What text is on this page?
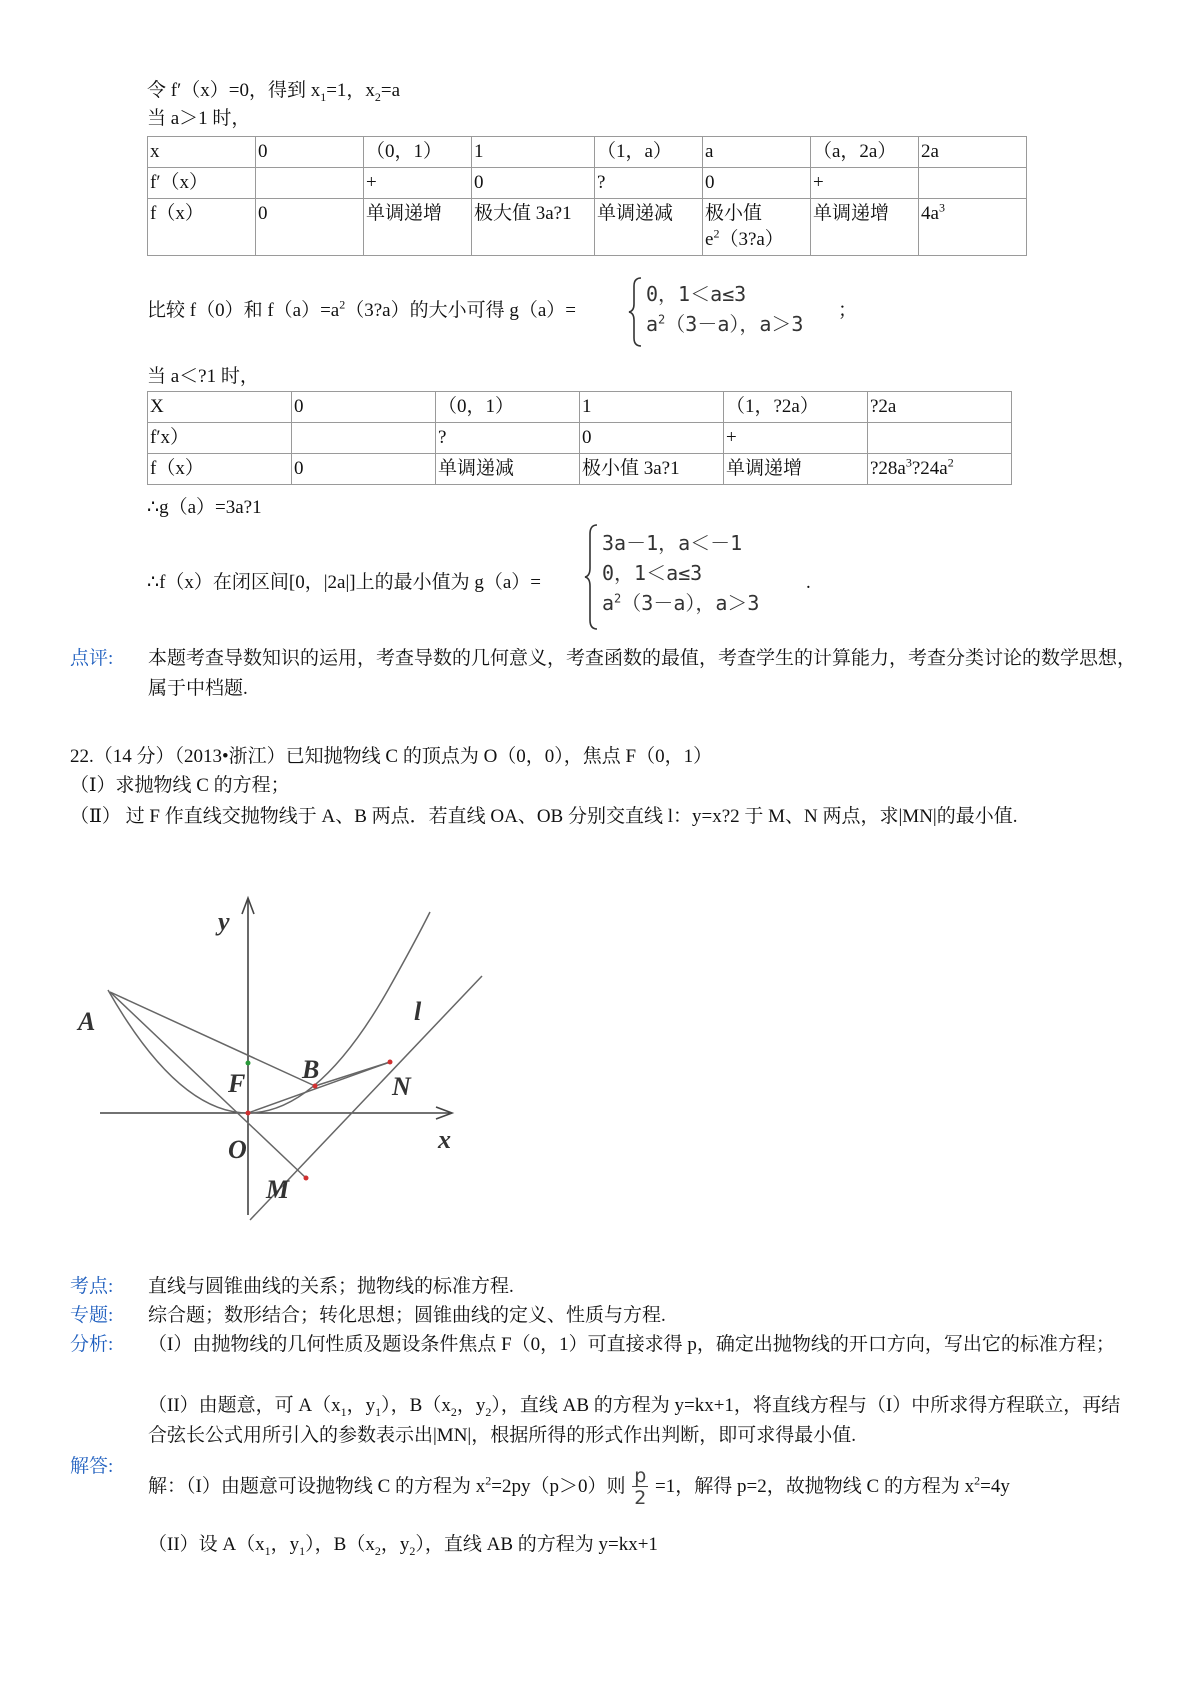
令 f′（x）=0，得到 $x_1=1$，$x_2=a$
当 a＞1 时，
x	0	（0，1）	1	（1，a）	a	（a，2a）	2a
f′（x）		+	0	?	0	+	
f（x）	0	单调递增	极大值 3a?1	单调递减	极小值
$e^2(3?a)$	单调递增	$4a^3$
比较 f（0）和 $f(a)=a^2(3?a)$的大小可得 g（a）=
0，1＜a≤3
$a^2(3-a)$，a＞3
；
当 a＜?1 时，
X	0	（0，1）	1	（1，?2a）	?2a
f′x）		?	0	+	
f（x）	0	单调递减	极小值 3a?1	单调递增	$?28a^3?24a^2$
∴g（a）=3a?1
∴f（x）在闭区间[0，|2a|]上的最小值为 g（a）=
3a－1，a＜－1
0，1＜a≤3
$a^2(3-a)$，a＞3
.
点评: 本题考查导数知识的运用，考查导数的几何意义，考查函数的最值，考查学生的计算能力，考查分类讨论的数学思想，属于中档题.
22.（14 分）（2013•浙江）已知抛物线 C 的顶点为 O（0，0），焦点 F（0，1）
（Ⅰ）求抛物线 C 的方程；
（Ⅱ） 过 F 作直线交抛物线于 A、B 两点．若直线 OA、OB 分别交直线 l：y=x?2 于 M、N 两点，求|MN|的最小值.
y
x
A
B
F	N
O
M
l
考点: 直线与圆锥曲线的关系；抛物线的标准方程.
专题: 综合题；数形结合；转化思想；圆锥曲线的定义、性质与方程.
分析: （I）由抛物线的几何性质及题设条件焦点 F（0，1）可直接求得 p，确定出抛物线的开口方向，写出它的标准方程；
（II）由题意，可 $A(x_1$，$y_1$），$B(x_2$，$y_2$），直线 AB 的方程为 y=kx+1，将直线方程与（I）中所求得方程联立，再结合弦长公式用所引入的参数表示出|MN|，根据所得的形式作出判断，即可求得最小值.
解答:
解：（I）由题意可设抛物线 C 的方程为 $x^2=2py(p>0)$则 $\frac{p}{2} =1$，解得 p=2，故抛物线 C 的方程为 $x^2=4y$
（II）设 $A(x_1$，$y_1$），$B(x_2$，$y_2$），直线 AB 的方程为 y=kx+1
